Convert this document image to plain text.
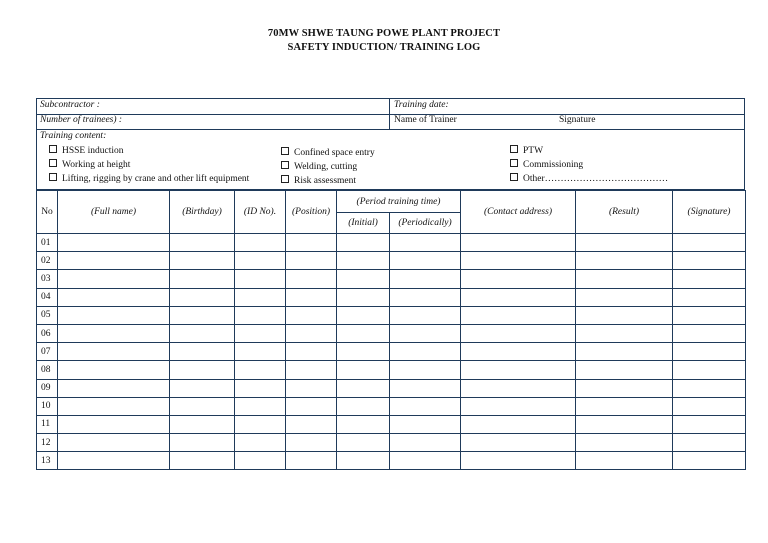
70MW SHWE TAUNG POWE PLANT PROJECT
SAFETY INDUCTION/ TRAINING LOG
Subcontractor :	Training date:
Number of trainees) :	Name of Trainer	Signature
Training content:
HSSE induction
Working at height
Lifting, rigging by crane and other lift equipment
Confined space entry
Welding, cutting
Risk assessment
PTW
Commissioning
Other…………………………………
No	(Full name)	(Birthday)	(ID No).	(Position)	(Period training time)		(Contact address)	(Result)	(Signature)
					(Initial)	(Periodically)			
01									
02									
03									
04									
05									
06									
07									
08									
09									
10									
11									
12									
13									
